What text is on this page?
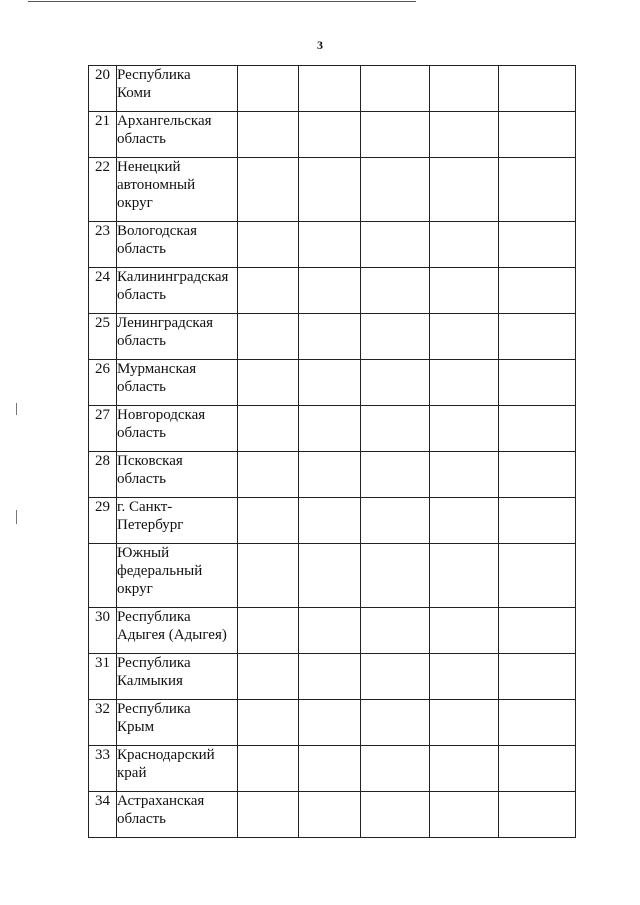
3
20	Республика
Коми					

21	Архангельская
область					

22	Ненецкий
автономный
округ					

23	Вологодская
область					

24	Калининградская
область					

25	Ленинградская
область					

26	Мурманская
область					

27	Новгородская
область					

28	Псковская
область					

29	г. Санкт-
Петербург					

	Южный
федеральный
округ					

30	Республика
Адыгея (Адыгея)					

31	Республика
Калмыкия					

32	Республика
Крым					

33	Краснодарский
край					

34	Астраханская
область					
